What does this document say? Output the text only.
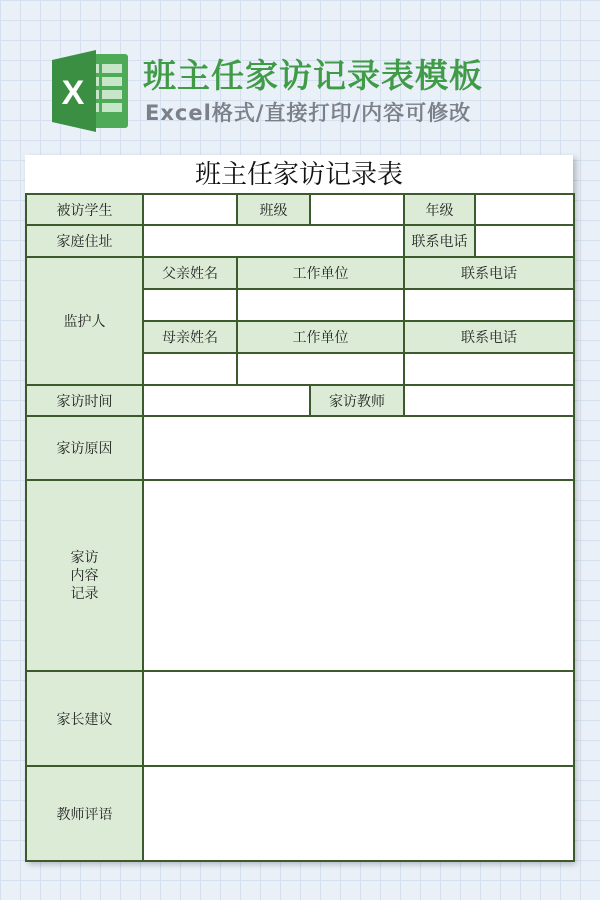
X 班主任家访记录表模板

Excel格式/直接打印/内容可修改

班主任家访记录表
被访学生		班级		年级	
家庭住址				联系电话	
监护人	父亲姓名	工作单位		联系电话	

	母亲姓名	工作单位		联系电话	

家访时间			家访教师		
家访原因					

家访
内容
记录					

家长建议					
教师评语					
